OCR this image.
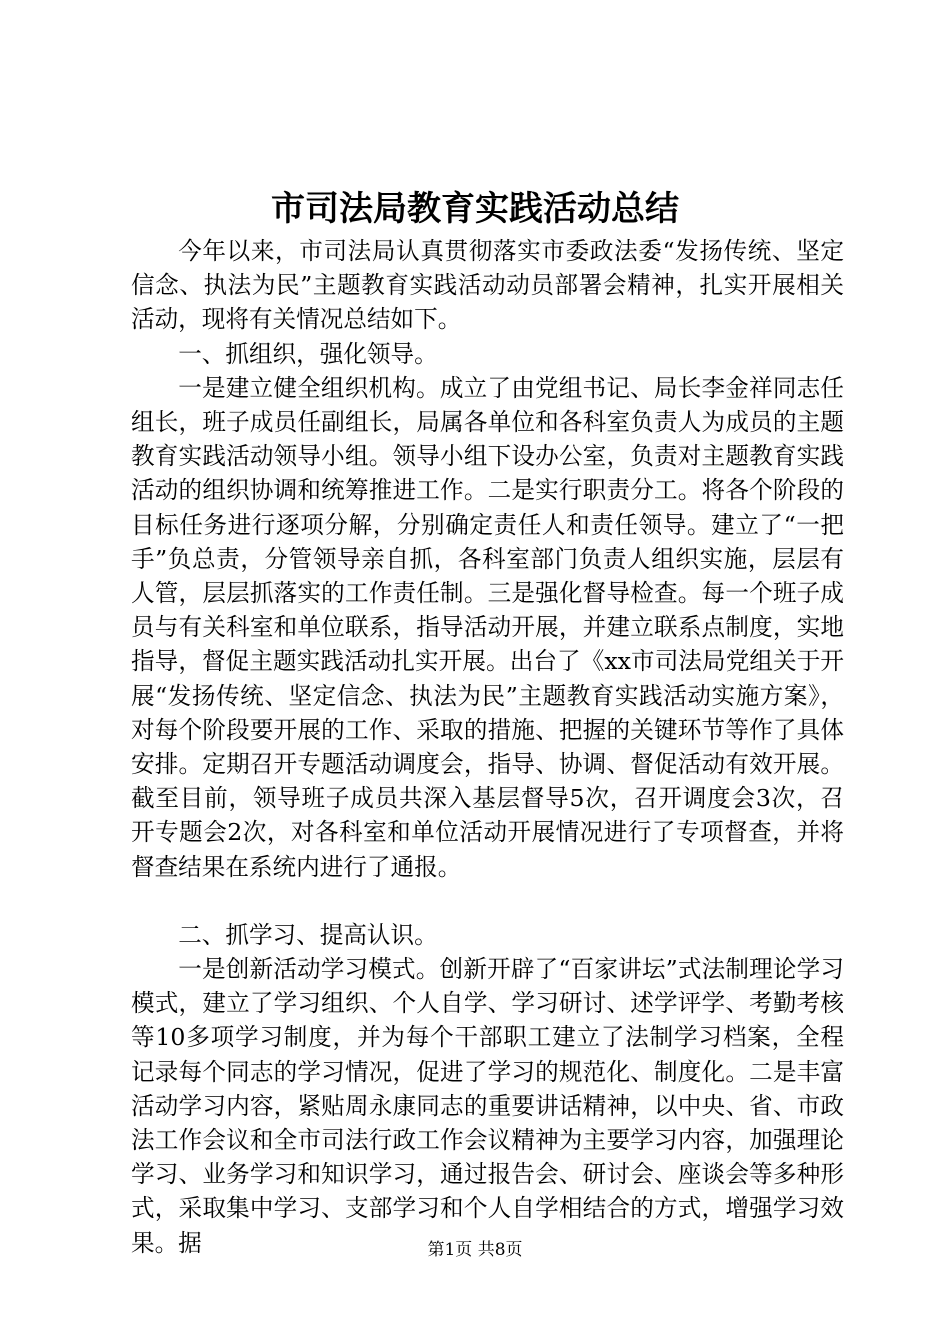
市司法局教育实践活动总结

今年以来，市司法局认真贯彻落实市委政法委“发扬传统、坚定信念、执法为民”主题教育实践活动动员部署会精神，扎实开展相关活动，现将有关情况总结如下。

一、抓组织，强化领导。

一是建立健全组织机构。成立了由党组书记、局长李金祥同志任组长，班子成员任副组长，局属各单位和各科室负责人为成员的主题教育实践活动领导小组。领导小组下设办公室，负责对主题教育实践活动的组织协调和统筹推进工作。二是实行职责分工。将各个阶段的目标任务进行逐项分解，分别确定责任人和责任领导。建立了“一把手”负总责，分管领导亲自抓，各科室部门负责人组织实施，层层有人管，层层抓落实的工作责任制。三是强化督导检查。每一个班子成员与有关科室和单位联系，指导活动开展，并建立联系点制度，实地指导，督促主题实践活动扎实开展。出台了《xx市司法局党组关于开展“发扬传统、坚定信念、执法为民”主题教育实践活动实施方案》，对每个阶段要开展的工作、采取的措施、把握的关键环节等作了具体安排。定期召开专题活动调度会，指导、协调、督促活动有效开展。截至目前，领导班子成员共深入基层督导5次，召开调度会3次，召开专题会2次，对各科室和单位活动开展情况进行了专项督查，并将督查结果在系统内进行了通报。

二、抓学习、提高认识。

一是创新活动学习模式。创新开辟了“百家讲坛”式法制理论学习模式，建立了学习组织、个人自学、学习研讨、述学评学、考勤考核等10多项学习制度，并为每个干部职工建立了法制学习档案，全程记录每个同志的学习情况，促进了学习的规范化、制度化。二是丰富活动学习内容，紧贴周永康同志的重要讲话精神，以中央、省、市政法工作会议和全市司法行政工作会议精神为主要学习内容，加强理论学习、业务学习和知识学习，通过报告会、研讨会、座谈会等多种形式，采取集中学习、支部学习和个人自学相结合的方式，增强学习效果。据	第1页 共8页
